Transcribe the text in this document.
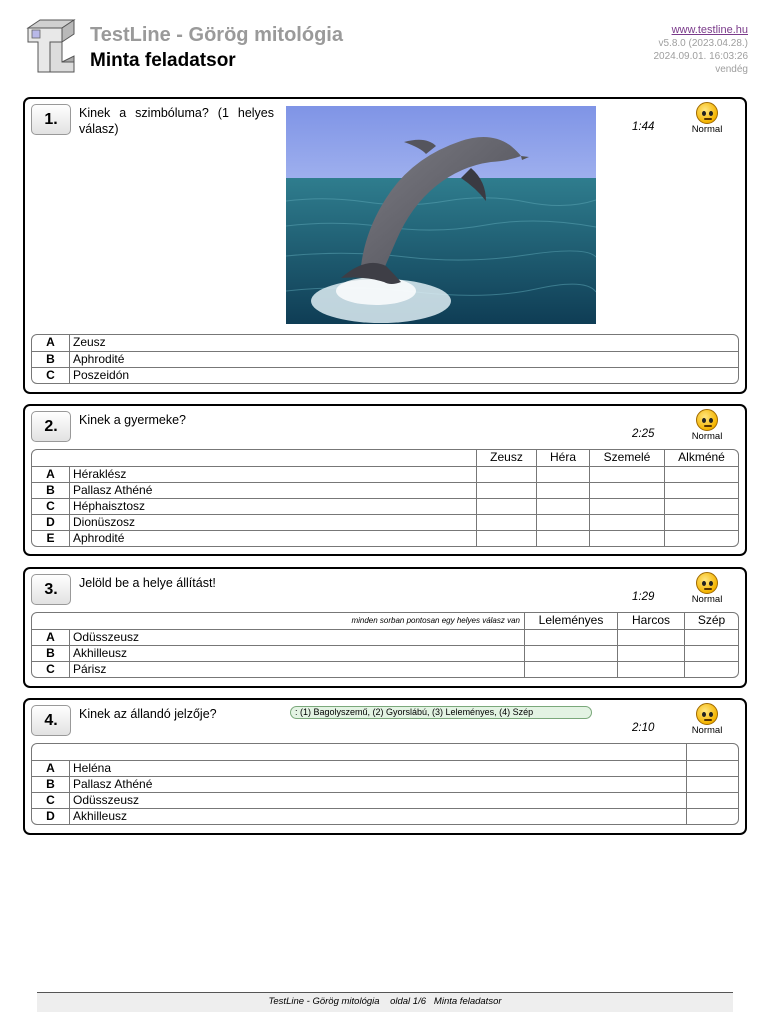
TestLine - Görög mitológia
Minta feladatsor
www.testline.hu
v5.8.0 (2023.04.28.)
2024.09.01. 16:03:26
vendég
1.	Kinek a szimbóluma? (1 helyes válasz)	1:44	Normal
A	Zeusz
B	Aphrodité
C	Poszeidón
2.	Kinek a gyermeke?
2:25	Normal
Zeusz	Héra	Szemelé	Alkméné
A	Héraklész
B	Pallasz Athéné
C	Héphaisztosz
D	Dionüszosz
E	Aphrodité
3.	Jelöld be a helye állítást!
1:29	Normal
minden sorban pontosan egy helyes válasz van	Leleményes	Harcos	Szép
A	Odüsszeusz
B	Akhilleusz
C	Párisz
4.	Kinek az állandó jelzője?	: (1) Bagolyszemű, (2) Gyorslábú, (3) Leleményes, (4) Szép
2:10	Normal
A	Heléna
B	Pallasz Athéné
C	Odüsszeusz
D	Akhilleusz
TestLine - Görög mitológia    oldal 1/6   Minta feladatsor
